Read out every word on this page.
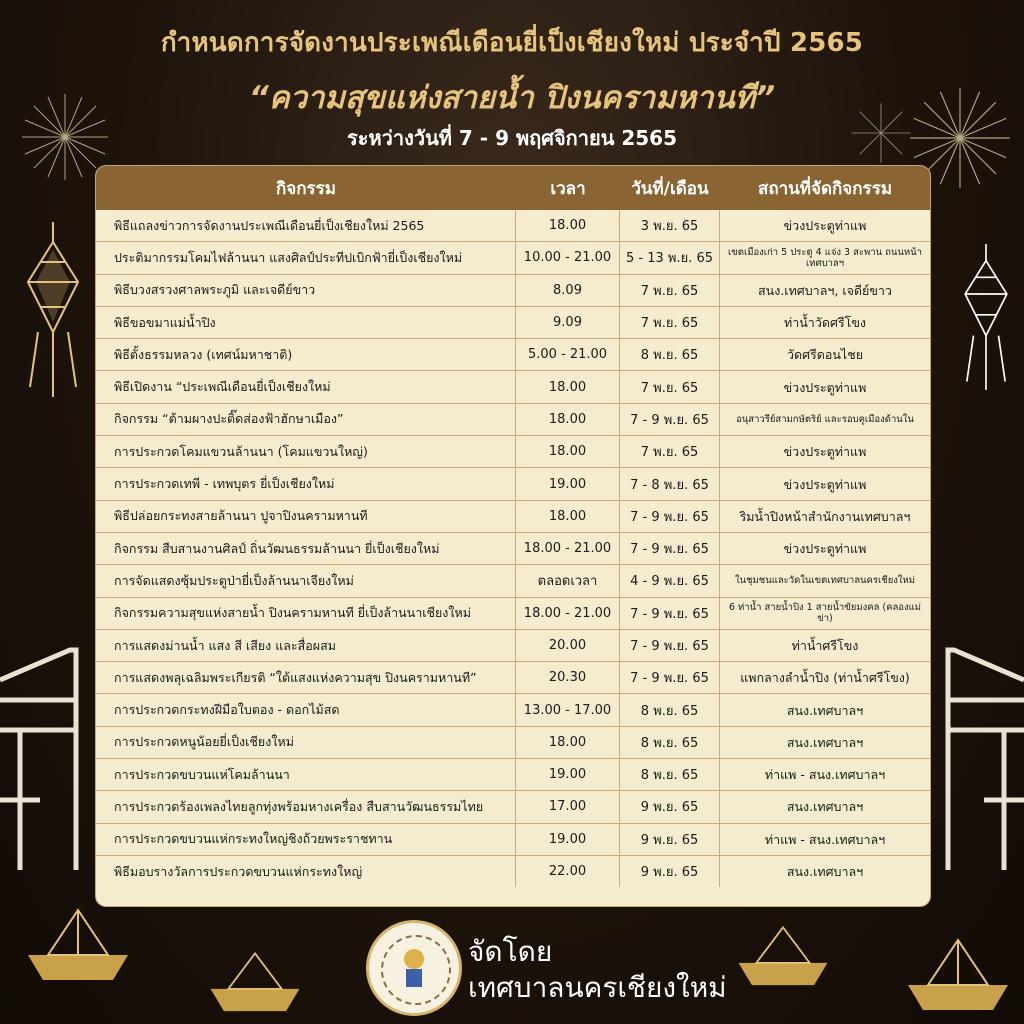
กำหนดการจัดงานประเพณีเดือนยี่เป็งเชียงใหม่ ประจำปี 2565
“ความสุขแห่งสายน้ำ ปิงนครามหานที”
ระหว่างวันที่ 7 - 9 พฤศจิกายน 2565
กิจกรรม	เวลา	วันที่/เดือน	สถานที่จัดกิจกรรม
พิธีแถลงข่าวการจัดงานประเพณีเดือนยี่เป็งเชียงใหม่ 2565	18.00	3 พ.ย. 65	ข่วงประตูท่าแพ
ประติมากรรมโคมไฟล้านนา แสงศิลป์ประทีปเบิกฟ้ายี่เป็งเชียงใหม่	10.00 - 21.00	5 - 13 พ.ย. 65	เขตเมืองเก่า 5 ประตู 4 แจ่ง 3 สะพาน ถนนหน้าเทศบาลฯ
พิธีบวงสรวงศาลพระภูมิ และเจดีย์ขาว	8.09	7 พ.ย. 65	สนง.เทศบาลฯ, เจดีย์ขาว
พิธีขอขมาแม่น้ำปิง	9.09	7 พ.ย. 65	ท่าน้ำวัดศรีโขง
พิธีตั้งธรรมหลวง (เทศน์มหาชาติ)	5.00 - 21.00	8 พ.ย. 65	วัดศรีดอนไชย
พิธีเปิดงาน “ประเพณีเดือนยี่เป็งเชียงใหม่	18.00	7 พ.ย. 65	ข่วงประตูท่าแพ
กิจกรรม “ต้ามผางปะติ๊ดส่องฟ้าฮักษาเมือง”	18.00	7 - 9 พ.ย. 65	อนุสาวรีย์สามกษัตริย์ และรอบคูเมืองด้านใน
การประกวดโคมแขวนล้านนา (โคมแขวนใหญ่)	18.00	7 พ.ย. 65	ข่วงประตูท่าแพ
การประกวดเทพี - เทพบุตร ยี่เป็งเชียงใหม่	19.00	7 - 8 พ.ย. 65	ข่วงประตูท่าแพ
พิธีปล่อยกระทงสายล้านนา ปูจาปิงนครามหานที	18.00	7 - 9 พ.ย. 65	ริมน้ำปิงหน้าสำนักงานเทศบาลฯ
กิจกรรม สืบสานงานศิลป์ ถิ่นวัฒนธรรมล้านนา ยี่เป็งเชียงใหม่	18.00 - 21.00	7 - 9 พ.ย. 65	ข่วงประตูท่าแพ
การจัดแสดงซุ้มประตูป่ายี่เป็งล้านนาเจียงใหม่	ตลอดเวลา	4 - 9 พ.ย. 65	ในชุมชนและวัดในเขตเทศบาลนครเชียงใหม่
กิจกรรมความสุขแห่งสายน้ำ ปิงนครามหานที ยี่เป็งล้านนาเชียงใหม่	18.00 - 21.00	7 - 9 พ.ย. 65	6 ท่าน้ำ สายน้ำปิง 1 สายน้ำขัยมงคล (คลองแม่ข่า)
การแสดงม่านน้ำ แสง สี เสียง และสื่อผสม	20.00	7 - 9 พ.ย. 65	ท่าน้ำศรีโขง
การแสดงพลุเฉลิมพระเกียรติ “ใต้แสงแห่งความสุข ปิงนครามหานที”	20.30	7 - 9 พ.ย. 65	แพกลางลำน้ำปิง (ท่าน้ำศรีโขง)
การประกวดกระทงฝีมือใบตอง - ดอกไม้สด	13.00 - 17.00	8 พ.ย. 65	สนง.เทศบาลฯ
การประกวดหนูน้อยยี่เป็งเชียงใหม่	18.00	8 พ.ย. 65	สนง.เทศบาลฯ
การประกวดขบวนแห่โคมล้านนา	19.00	8 พ.ย. 65	ท่าแพ - สนง.เทศบาลฯ
การประกวดร้องเพลงไทยลูกทุ่งพร้อมหางเครื่อง สืบสานวัฒนธรรมไทย	17.00	9 พ.ย. 65	สนง.เทศบาลฯ
การประกวดขบวนแห่กระทงใหญ่ชิงถ้วยพระราชทาน	19.00	9 พ.ย. 65	ท่าแพ - สนง.เทศบาลฯ
พิธีมอบรางวัลการประกวดขบวนแห่กระทงใหญ่	22.00	9 พ.ย. 65	สนง.เทศบาลฯ
จัดโดย
เทศบาลนครเชียงใหม่
